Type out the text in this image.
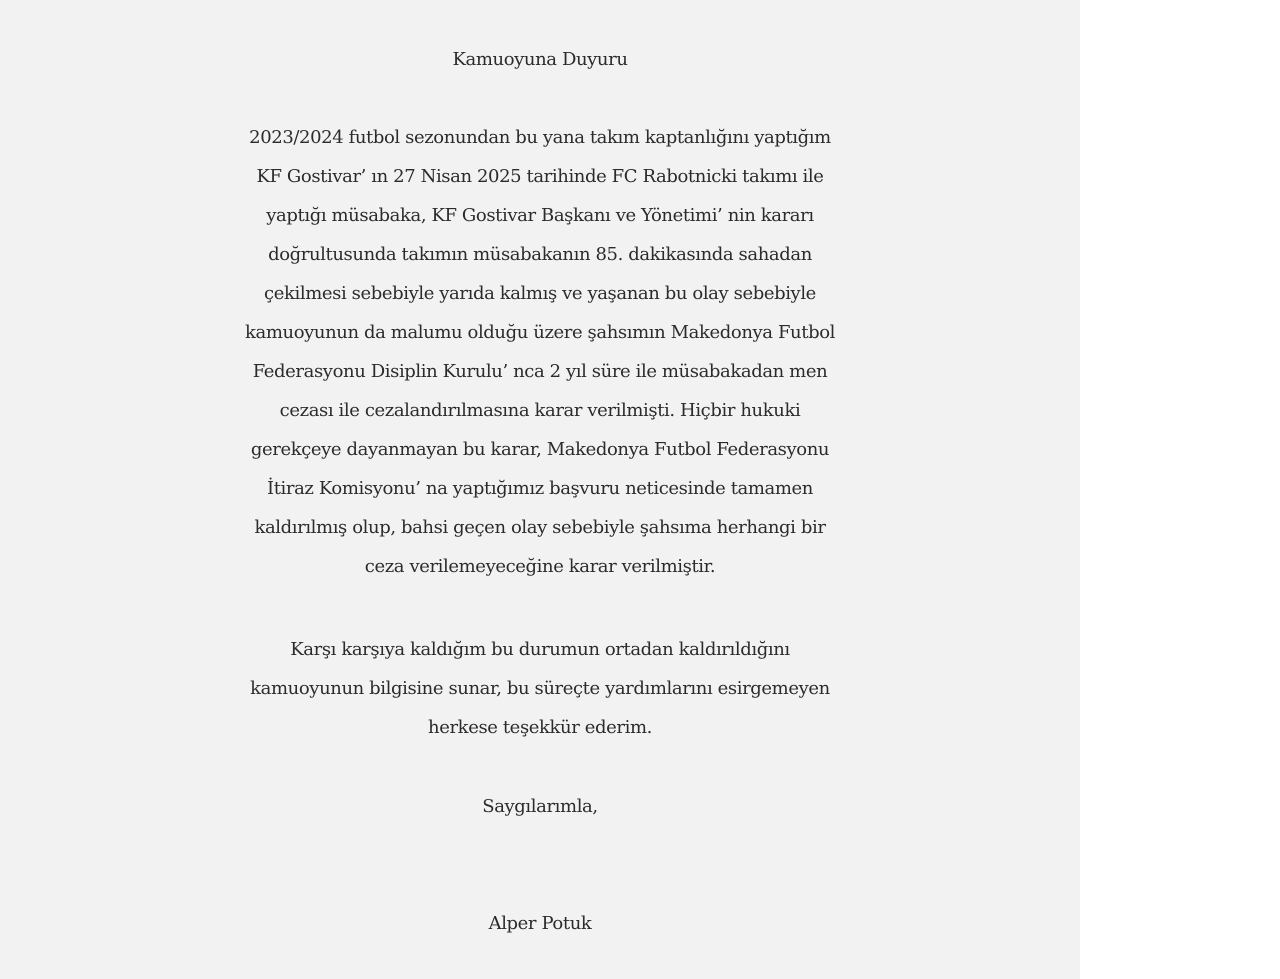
Kamuoyuna Duyuru

2023/2024 futbol sezonundan bu yana takım kaptanlığını yaptığım
KF Gostivar’ ın 27 Nisan 2025 tarihinde FC Rabotnicki takımı ile
yaptığı müsabaka, KF Gostivar Başkanı ve Yönetimi’ nin kararı
doğrultusunda takımın müsabakanın 85. dakikasında sahadan
çekilmesi sebebiyle yarıda kalmış ve yaşanan bu olay sebebiyle
kamuoyunun da malumu olduğu üzere şahsımın Makedonya Futbol
Federasyonu Disiplin Kurulu’ nca 2 yıl süre ile müsabakadan men
cezası ile cezalandırılmasına karar verilmişti. Hiçbir hukuki
gerekçeye dayanmayan bu karar, Makedonya Futbol Federasyonu
İtiraz Komisyonu’ na yaptığımız başvuru neticesinde tamamen
kaldırılmış olup, bahsi geçen olay sebebiyle şahsıma herhangi bir
ceza verilemeyeceğine karar verilmiştir.

Karşı karşıya kaldığım bu durumun ortadan kaldırıldığını
kamuoyunun bilgisine sunar, bu süreçte yardımlarını esirgemeyen
herkese teşekkür ederim.

Saygılarımla,

Alper Potuk
